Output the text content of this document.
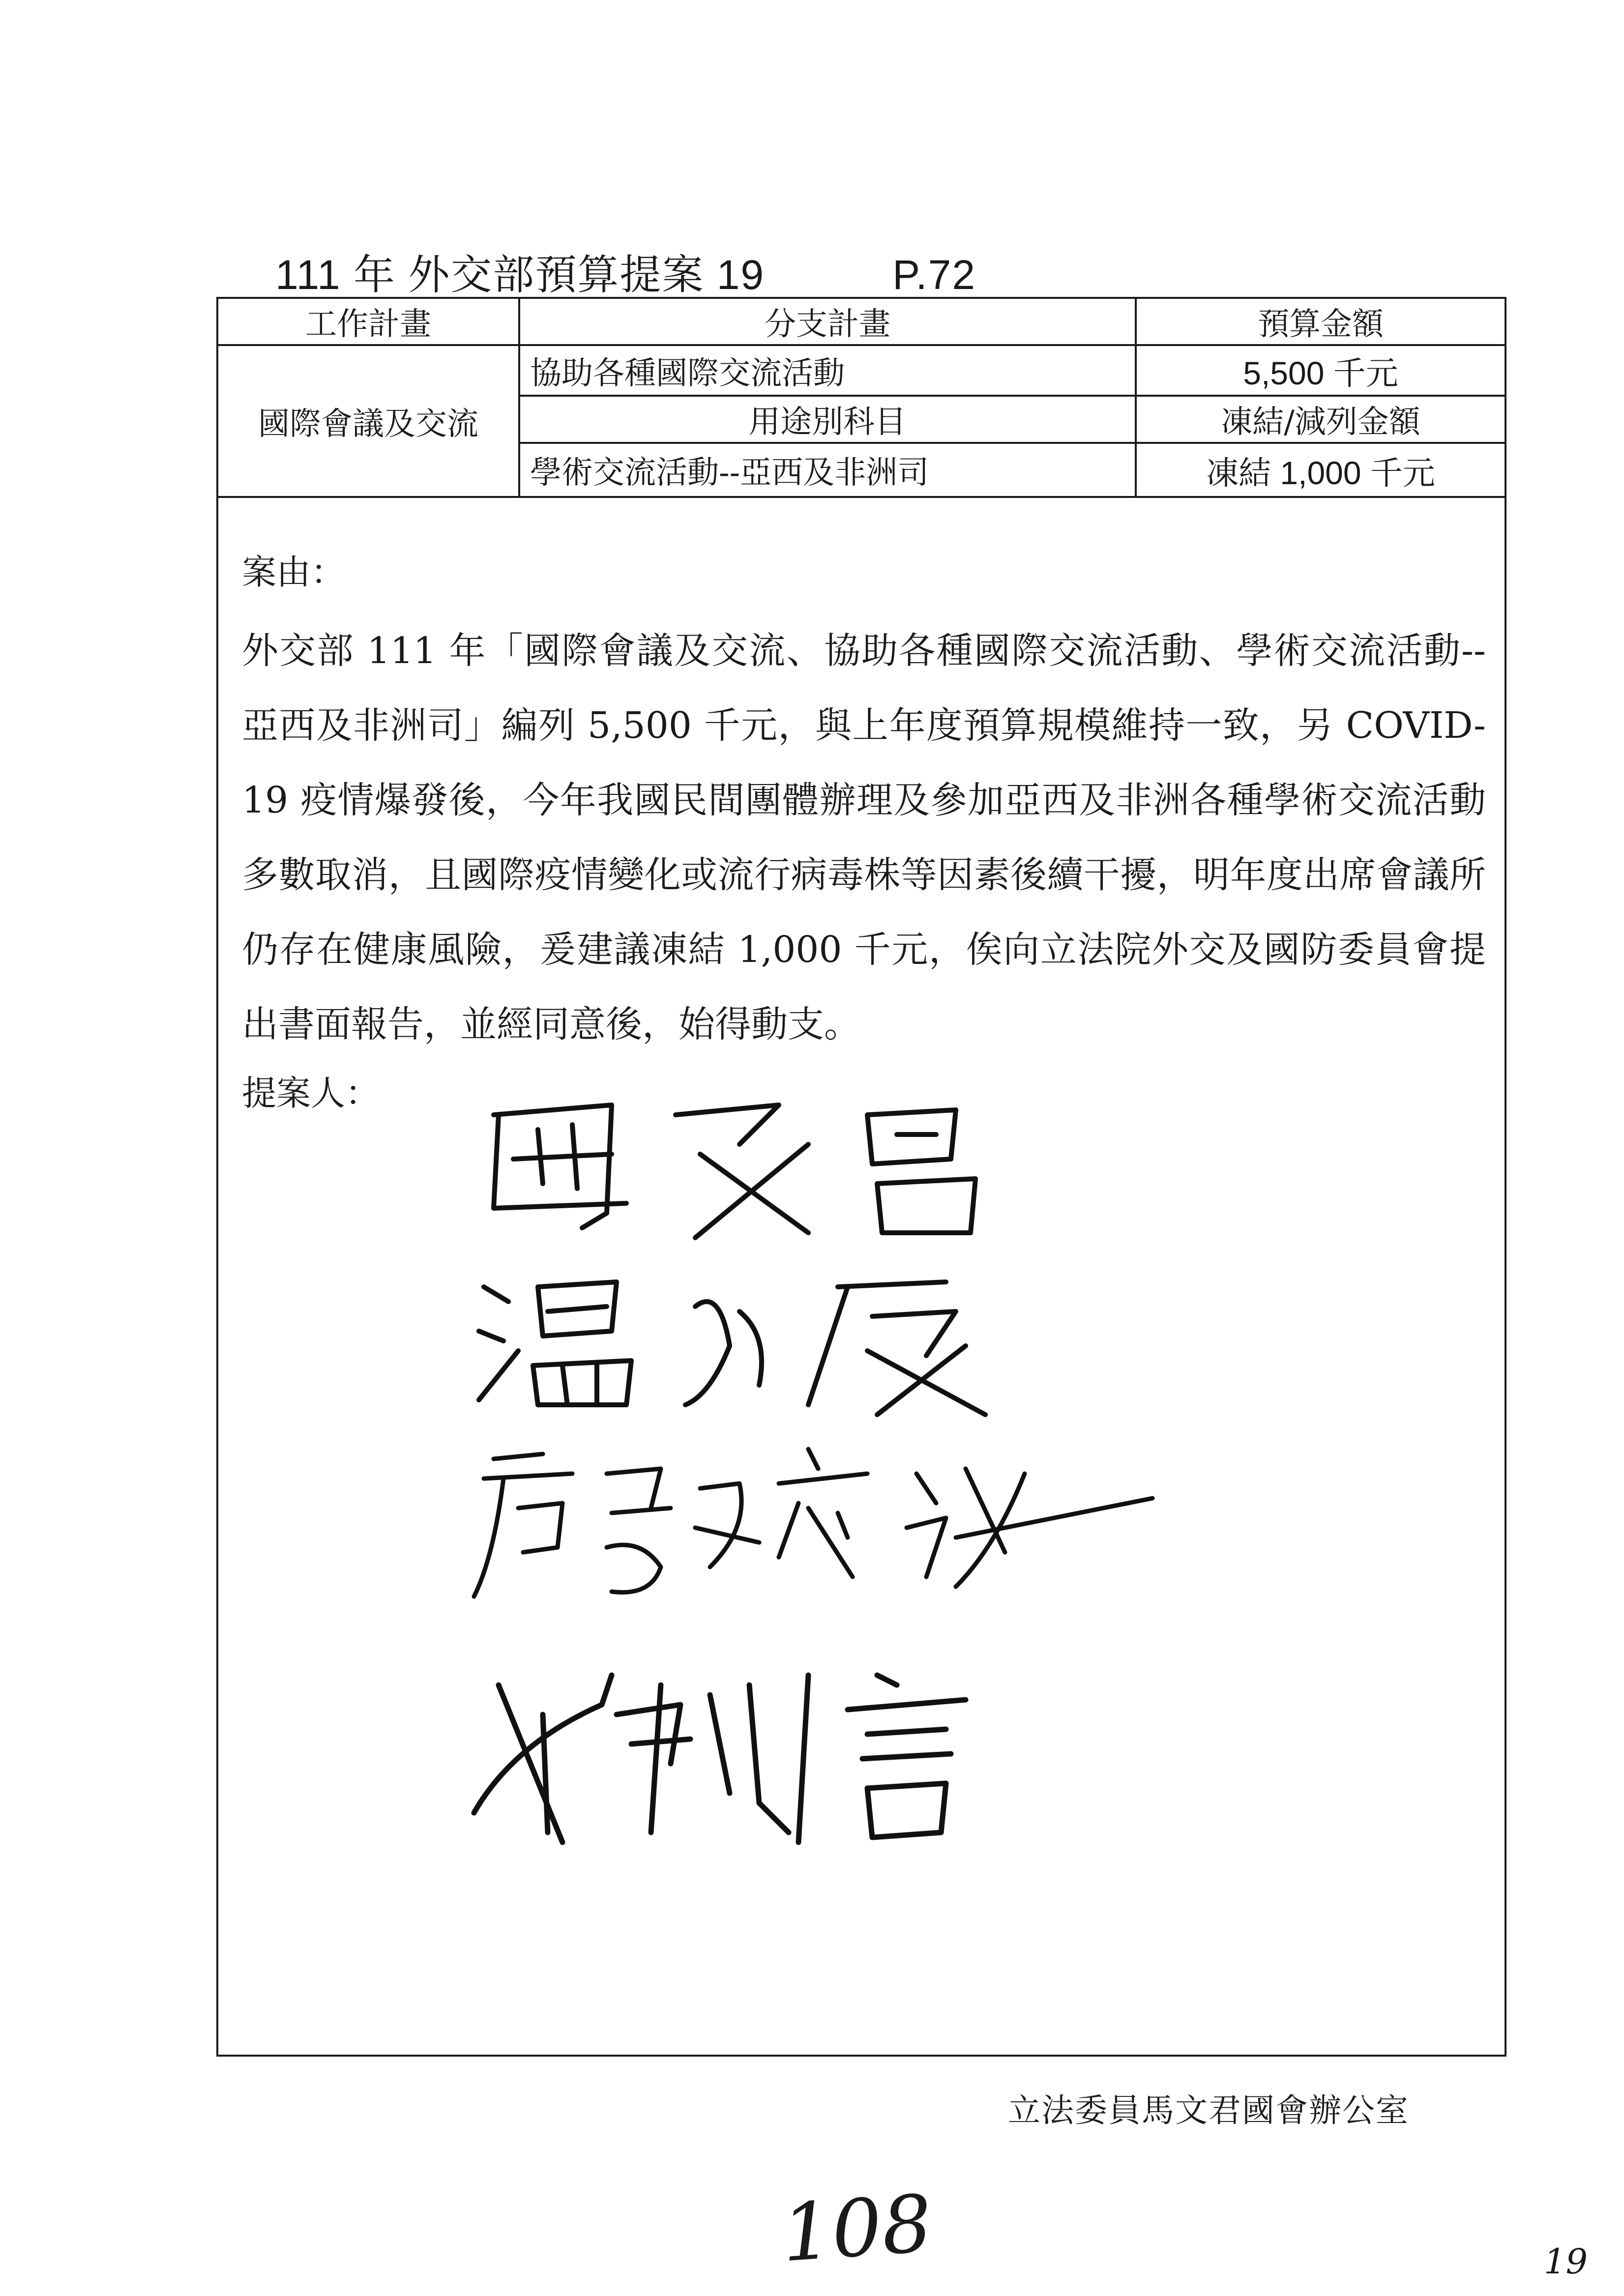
111 年 外交部預算提案 19	P.72
工作計畫	分支計畫	預算金額
國際會議及交流	協助各種國際交流活動	5,500 千元
	用途別科目	凍結/減列金額
	學術交流活動--亞西及非洲司	凍結 1,000 千元
案由：
外交部 111 年「國際會議及交流、協助各種國際交流活動、學術交流活動--亞西及非洲司」編列 5,500 千元，與上年度預算規模維持一致，另 COVID-19 疫情爆發後，今年我國民間團體辦理及參加亞西及非洲各種學術交流活動多數取消，且國際疫情變化或流行病毒株等因素後續干擾，明年度出席會議所仍存在健康風險，爰建議凍結 1,000 千元，俟向立法院外交及國防委員會提出書面報告，並經同意後，始得動支。
提案人：
立法委員馬文君國會辦公室
108	19
